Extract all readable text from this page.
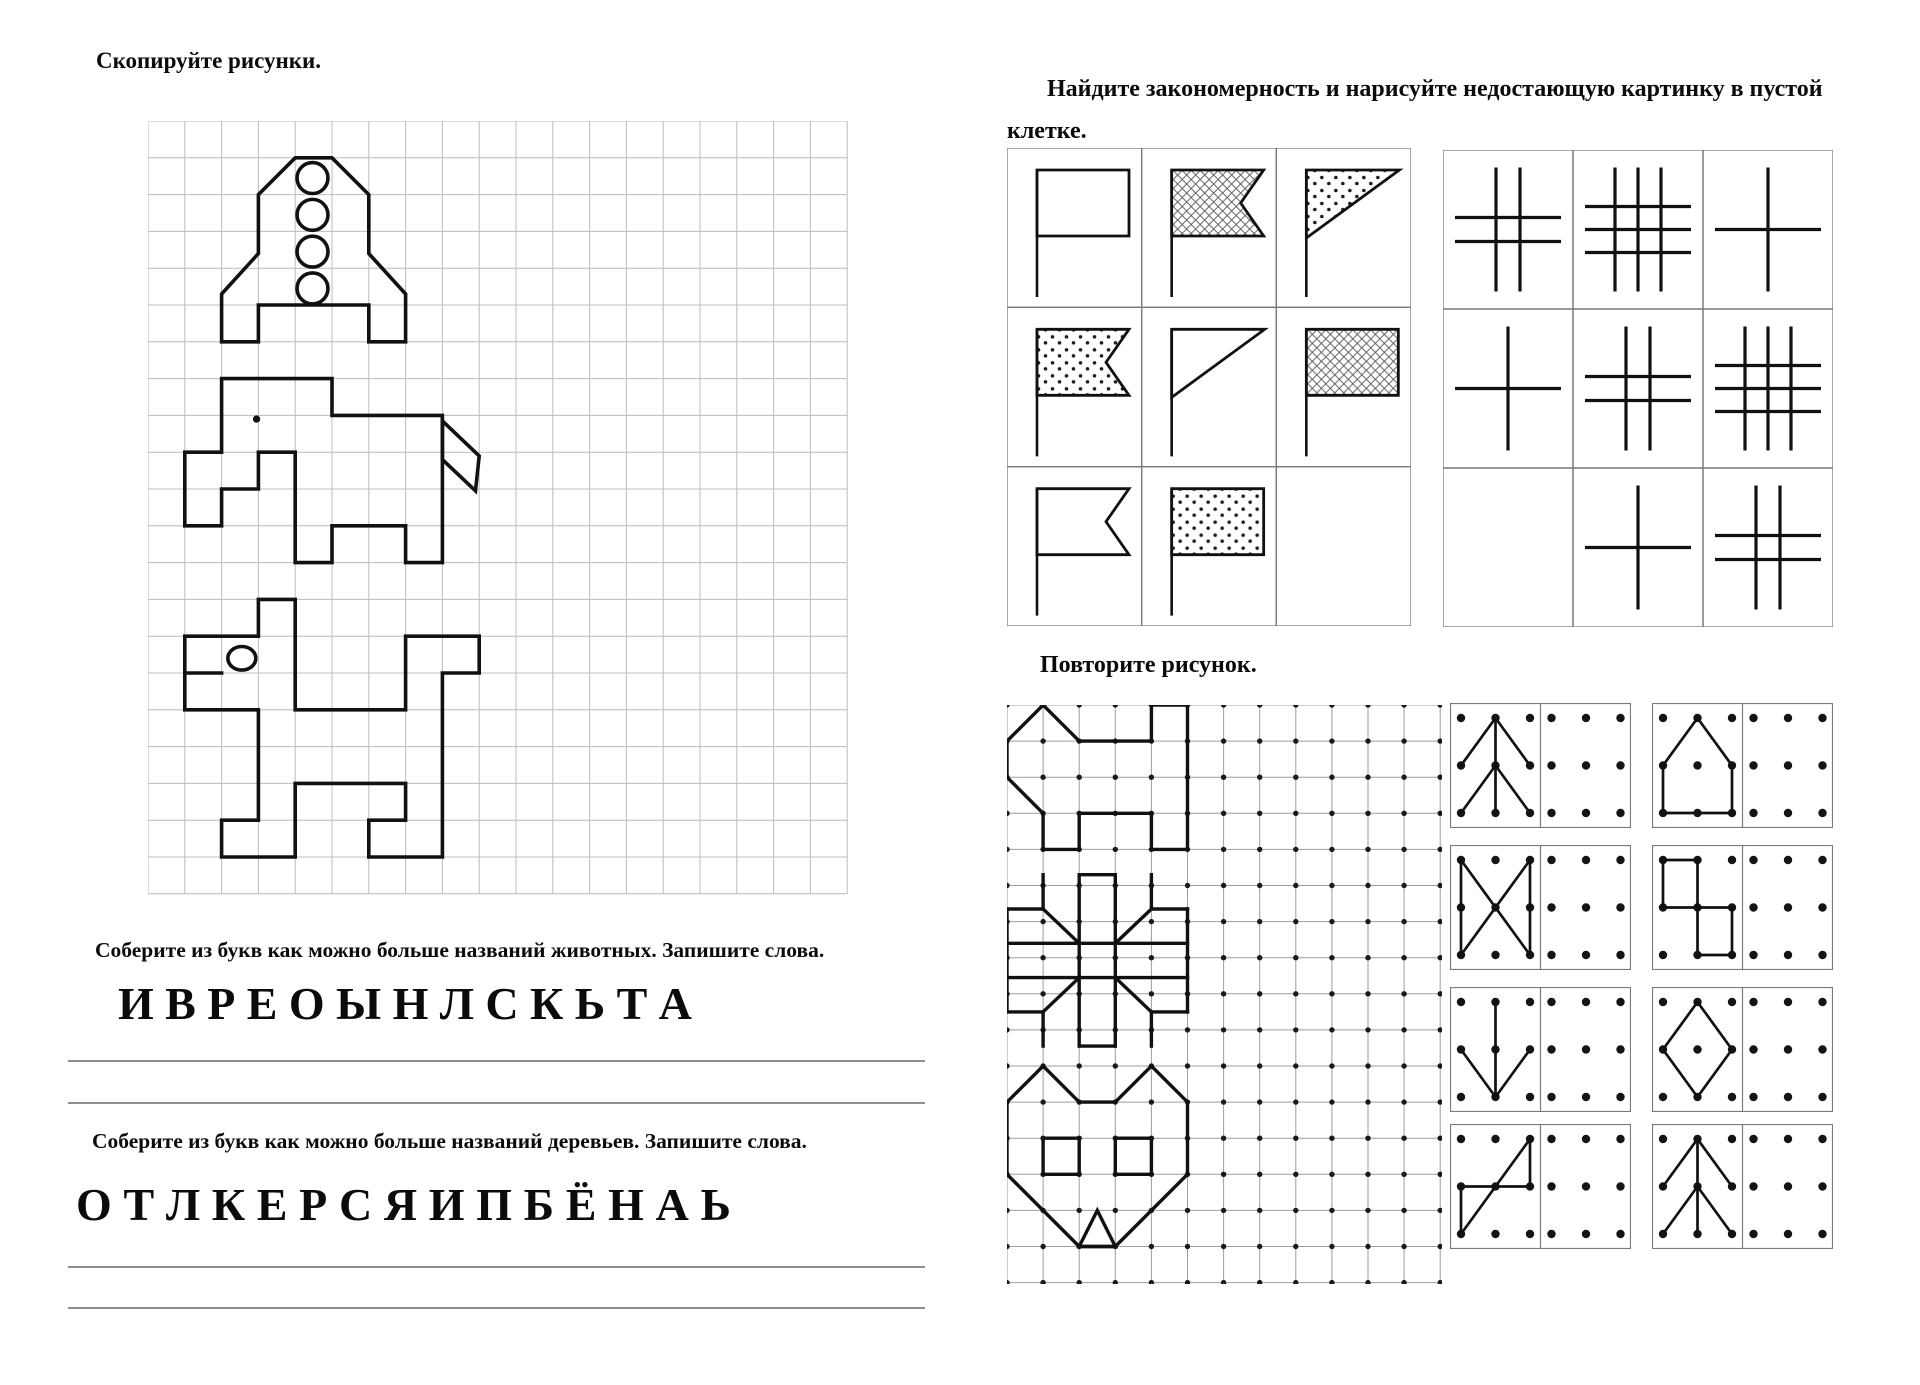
Скопируйте рисунки.
Соберите из букв как можно больше названий животных. Запишите слова.
И В Р Е О Ы Н Л С К Ь Т А
Соберите из букв как можно больше названий деревьев. Запишите слова.
О Т Л К Е Р С Я И П Б Ё Н А Ь
Найдите закономерность и нарисуйте недостающую картинку в пустой
клетке.
Повторите рисунок.
